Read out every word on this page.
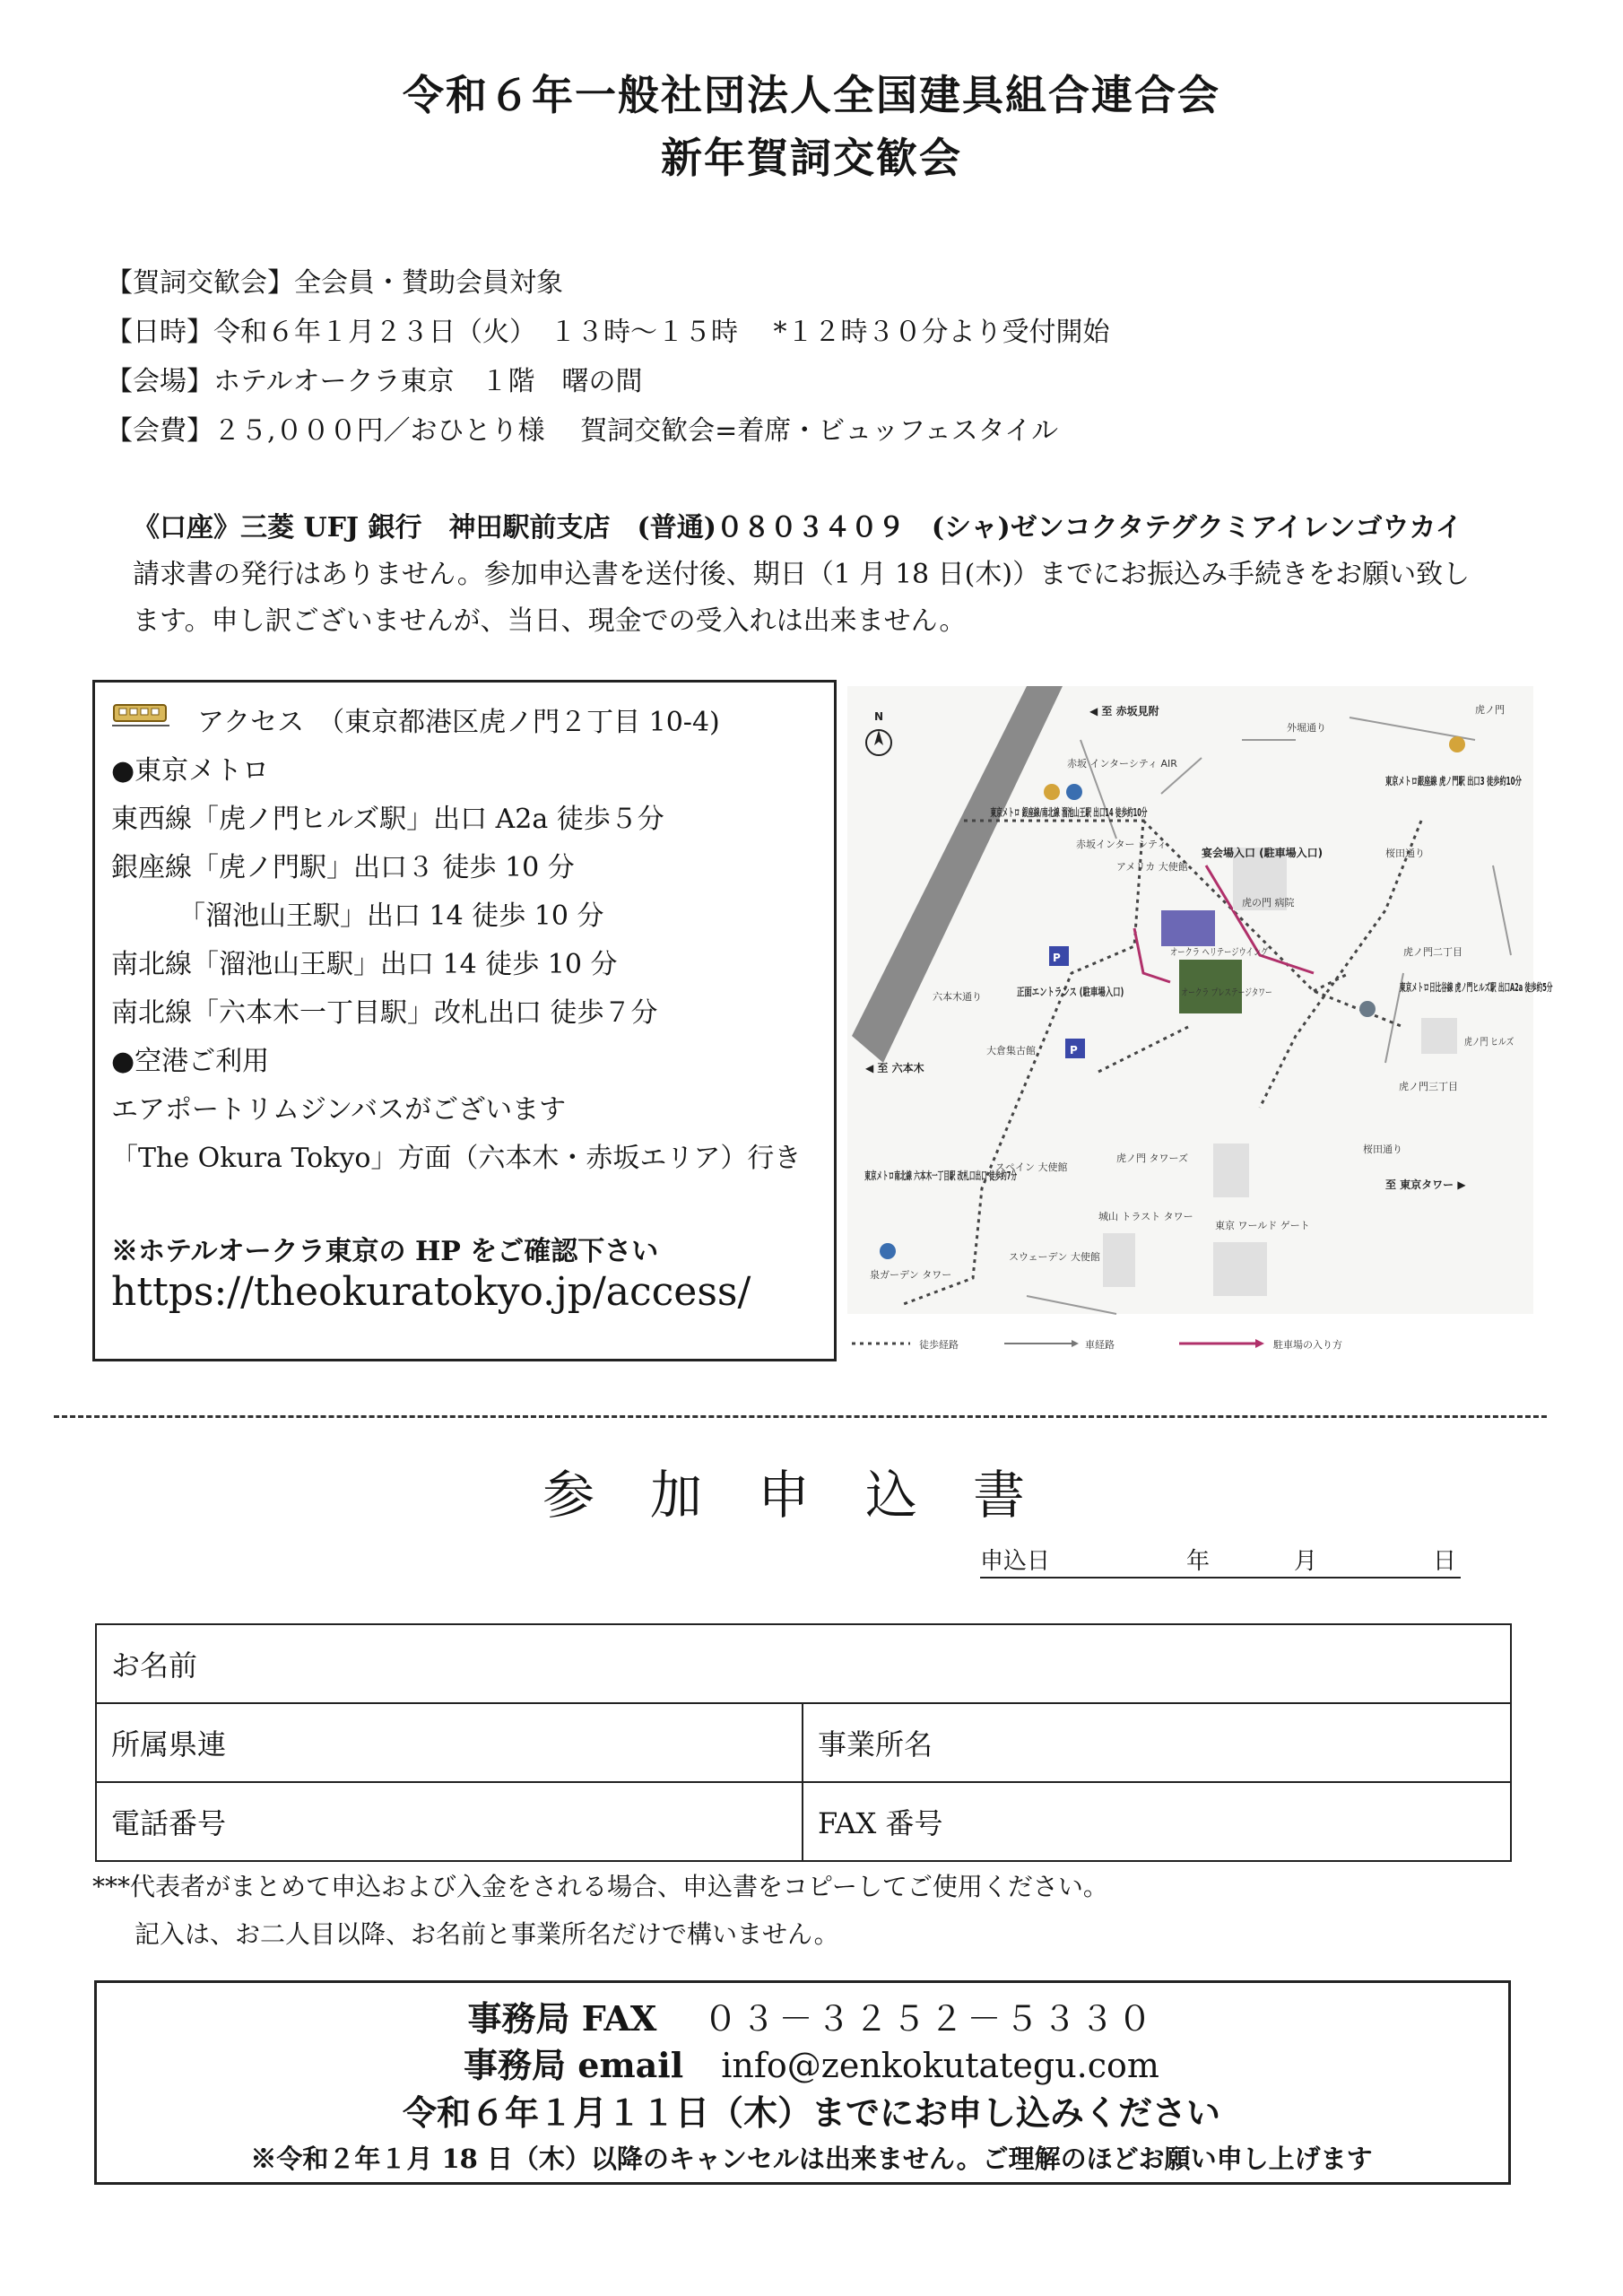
令和６年一般社団法人全国建具組合連合会
新年賀詞交歓会
【賀詞交歓会】全会員・賛助会員対象
【日時】令和６年１月２３日（火）　１３時～１５時　 *１２時３０分より受付開始
【会場】ホテルオークラ東京　１階　曙の間
【会費】２５,０００円／おひとり様　 賀詞交歓会=着席・ビュッフェスタイル
《口座》三菱 UFJ 銀行　神田駅前支店　(普通)０８０３４０９　(シャ)ゼンコクタテグクミアイレンゴウカイ
請求書の発行はありません。参加申込書を送付後、期日（1 月 18 日(木)）までにお振込み手続きをお願い致し
ます。申し訳ございませんが、当日、現金での受入れは出来ません。
アクセス　（東京都港区虎ノ門２丁目 10-4)
●東京メトロ
東西線「虎ノ門ヒルズ駅」出口 A2a 徒歩５分
銀座線「虎ノ門駅」出口３ 徒歩 10 分
　　　「溜池山王駅」出口 14 徒歩 10 分
南北線「溜池山王駅」出口 14 徒歩 10 分
南北線「六本木一丁目駅」改札出口 徒歩７分
●空港ご利用
エアポートリムジンバスがございます
「The Okura Tokyo」方面（六本木・赤坂エリア）行き
※ホテルオークラ東京の HP をご確認下さい
https://theokuratokyo.jp/access/
N	◀ 至 赤坂見附
外堀通り
虎ノ門
赤坂 インターシティ AIR
東京メトロ 銀座線/南北線 溜池山王駅 出口14 徒歩約10分
赤坂インター シティ
アメリカ 大使館
宴会場入口 (駐車場入口)
虎の門 病院
東京メトロ銀座線 虎ノ門駅 出口3 徒歩約10分
桜田通り
◀ 至 六本木
六本木通り	正面エントランス (駐車場入口)
オークラ ヘリテージウイング
オークラ プレステージタワー
大倉集古館
虎ノ門二丁目
東京メトロ日比谷線 虎ノ門ヒルズ駅 出口A2a 徒歩約5分
虎ノ門 ヒルズ
虎ノ門三丁目
桜田通り
至 東京タワー ▶
虎ノ門 タワーズ
スペイン 大使館
東京メトロ南北線 六本木一丁目駅 改札口出口 徒歩約7分
泉ガーデン タワー
スウェーデン 大使館
城山 トラスト タワー
東京 ワールド ゲート
P
P
徒歩経路	車経路	駐車場の入り方
参加申込書
申込日	年	月	日
お名前	
所属県連	事業所名
電話番号	FAX 番号
***代表者がまとめて申込および入金をされる場合、申込書をコピーしてご使用ください。
記入は、お二人目以降、お名前と事業所名だけで構いません。
事務局 FAX ０３－３２５２－５３３０
事務局 email info@zenkokutategu.com
令和６年１月１１日（木）までにお申し込みください
※令和２年１月 18 日（木）以降のキャンセルは出来ません。ご理解のほどお願い申し上げます
